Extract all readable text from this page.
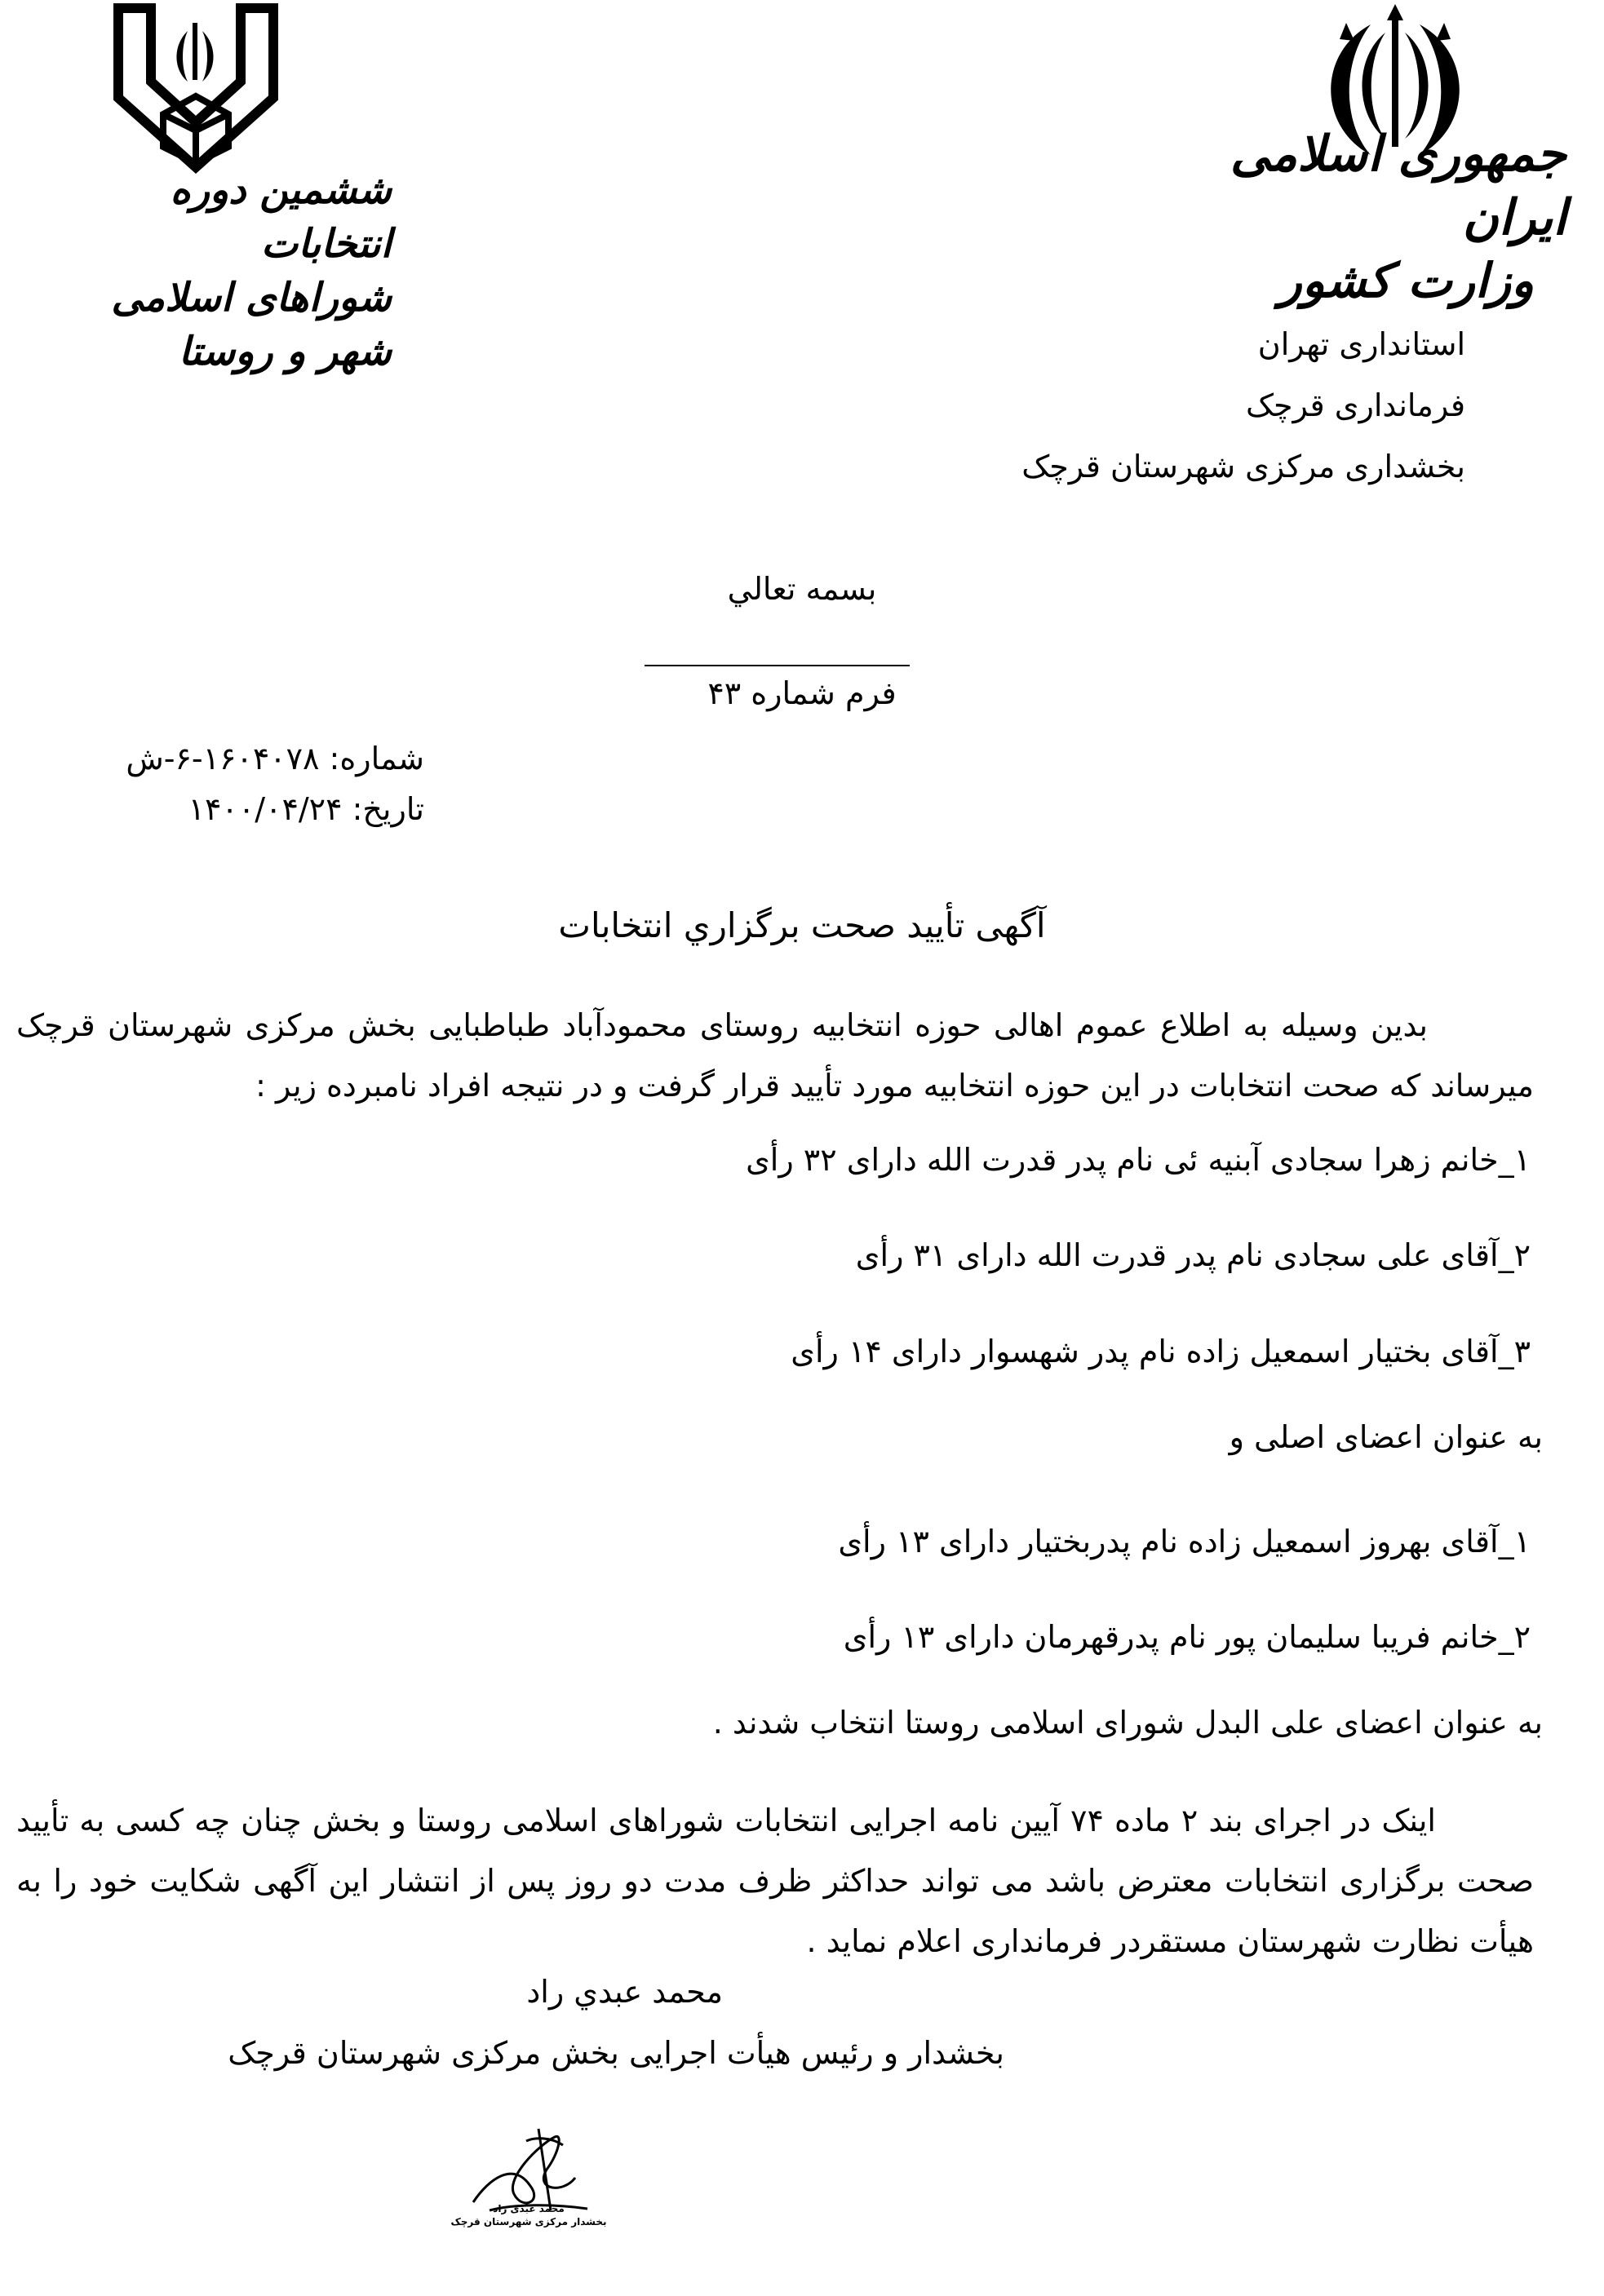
جمهوری اسلامی ایران
وزارت کشور
ششمین دوره انتخابات
شوراهای اسلامی شهر و روستا	استانداری تهران
فرمانداری قرچک
بخشداری مرکزی شهرستان قرچک
بسمه تعالي
فرم شماره ۴۳
شماره: ۱۶۰۴۰۷۸-۶-ش
تاریخ: ۱۴۰۰/۰۴/۲۴
آگهی تأیید صحت برگزاري انتخابات
بدین وسیله به اطلاع عموم اهالی حوزه انتخابیه روستای محمودآباد طباطبایی بخش مرکزی شهرستان قرچک میرساند که صحت انتخابات در این حوزه انتخابیه مورد تأیید قرار گرفت و در نتیجه افراد نامبرده زیر :
۱_خانم زهرا سجادی آبنیه ئی نام پدر قدرت الله دارای ۳۲ رأی
۲_آقای علی سجادی نام پدر قدرت الله دارای ۳۱ رأی
۳_آقای بختیار اسمعیل زاده نام پدر شهسوار دارای ۱۴ رأی
به عنوان اعضای اصلی و
۱_آقای بهروز اسمعیل زاده نام پدربختیار دارای ۱۳ رأی
۲_خانم فریبا سلیمان پور نام پدرقهرمان دارای ۱۳ رأی
به عنوان اعضای علی البدل شورای اسلامی روستا انتخاب شدند .
اینک در اجرای بند ۲ ماده ۷۴ آیین نامه اجرایی انتخابات شوراهای اسلامی روستا و بخش چنان چه کسی به تأیید صحت برگزاری انتخابات معترض باشد می تواند حداکثر ظرف مدت دو روز پس از انتشار این آگهی شکایت خود را به هیأت نظارت شهرستان مستقردر فرمانداری اعلام نماید .
محمد عبدي راد
بخشدار و رئیس هیأت اجرایی بخش مرکزی شهرستان قرچک
محمد عبدی راد
بخشدار مرکزی شهرستان قرچک
